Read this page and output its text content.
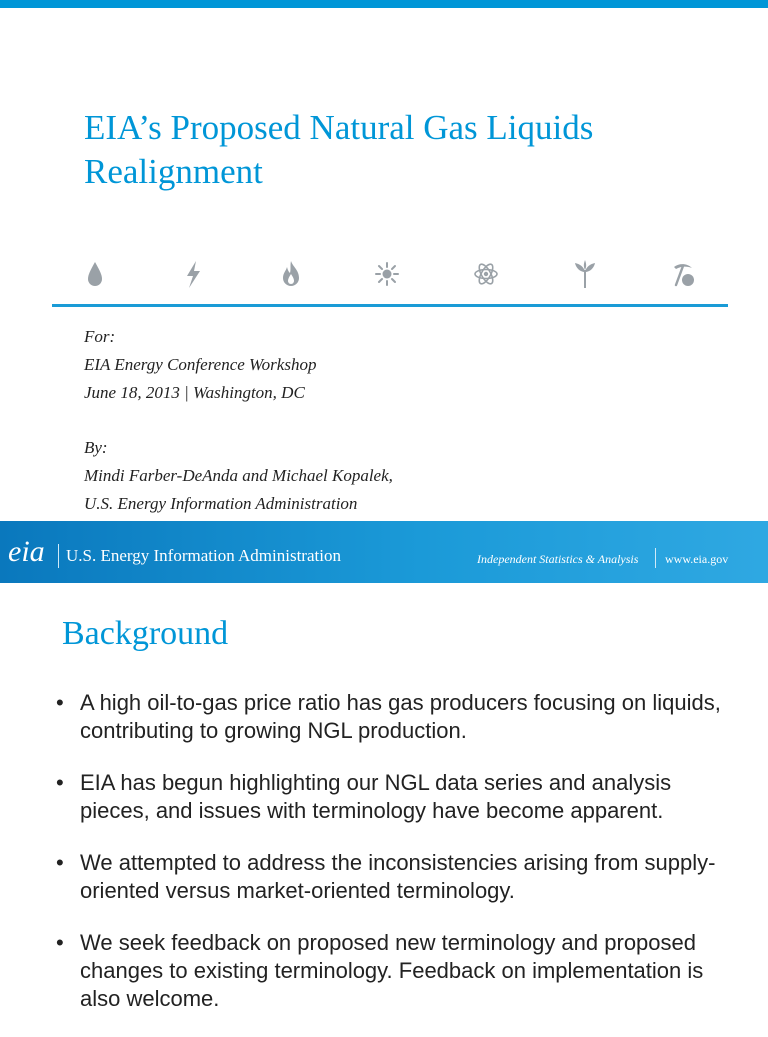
EIA’s Proposed Natural Gas Liquids
Realignment
For:
EIA Energy Conference Workshop
June 18, 2013 | Washington, DC
By:
Mindi Farber-DeAnda and Michael Kopalek,
U.S. Energy Information Administration
eia U.S. Energy Information Administration	Independent Statistics & Analysis www.eia.gov
Background
• A high oil-to-gas price ratio has gas producers focusing on liquids, contributing to growing NGL production.
• EIA has begun highlighting our NGL data series and analysis pieces, and issues with terminology have become apparent.
• We attempted to address the inconsistencies arising from supply-oriented versus market-oriented terminology.
• We seek feedback on proposed new terminology and proposed changes to existing terminology. Feedback on implementation is also welcome.
